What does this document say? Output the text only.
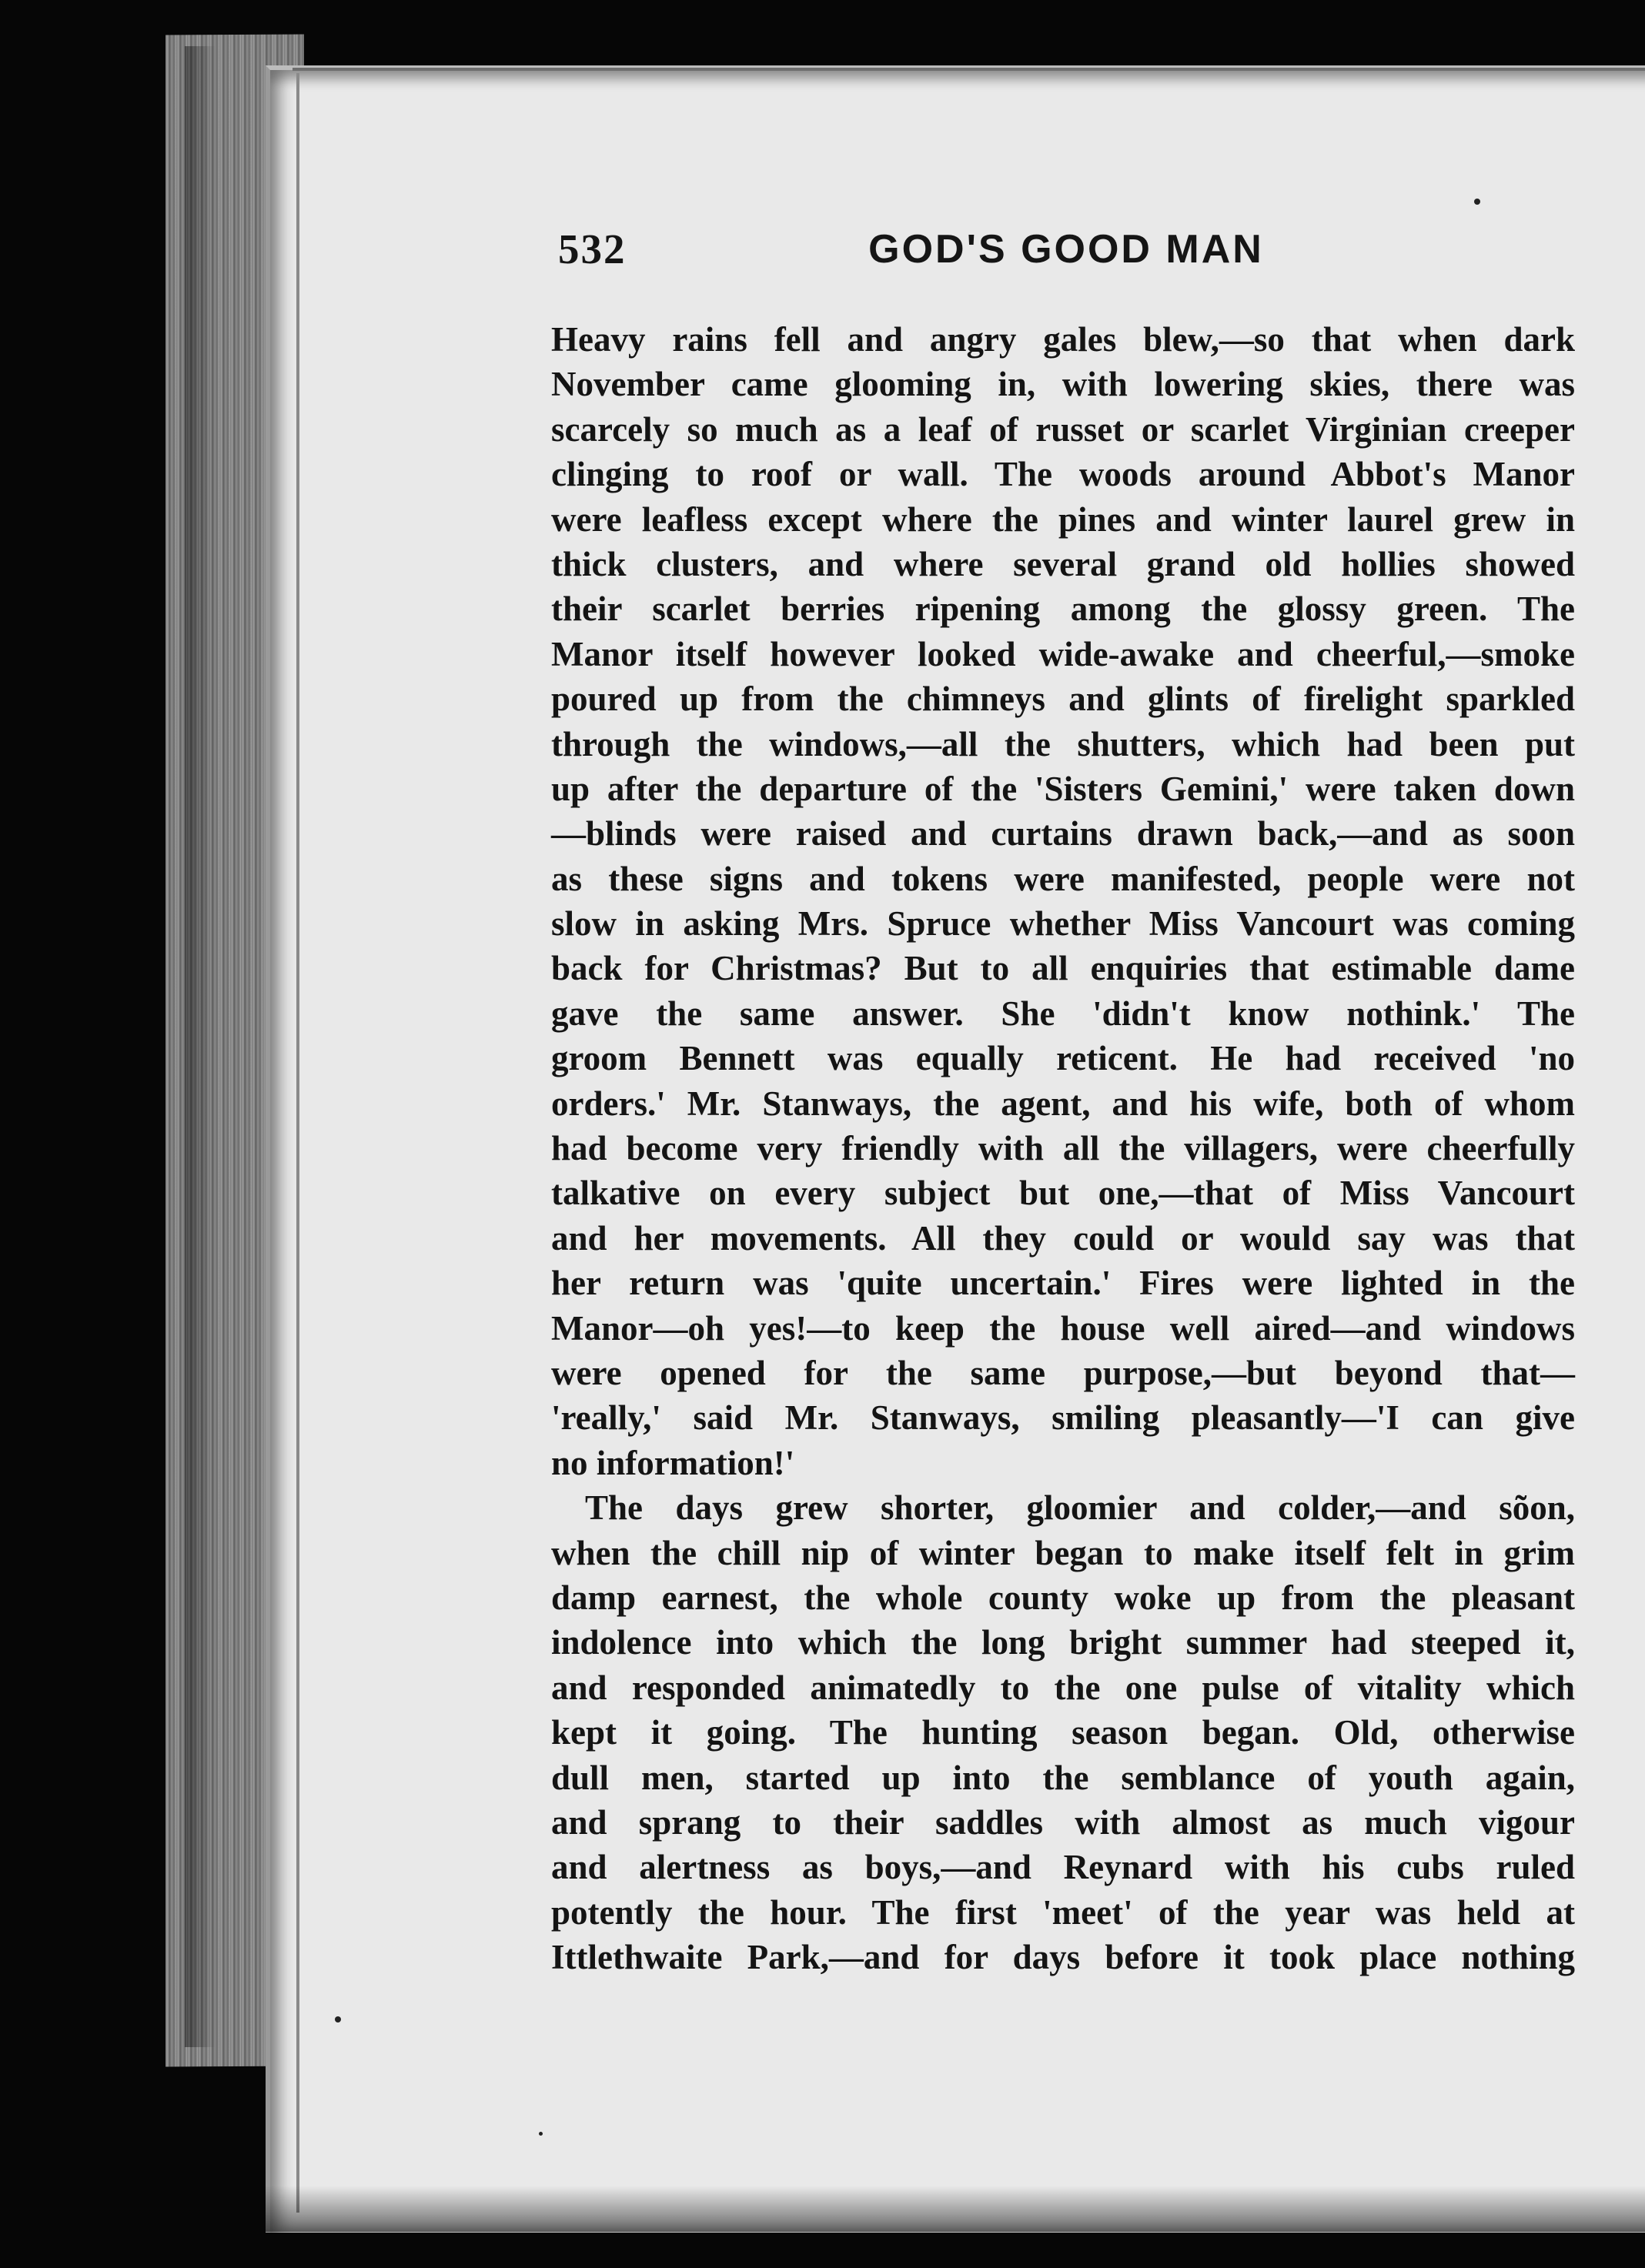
532	GOD'S GOOD MAN
Heavy rains fell and angry gales blew,—so that when dark
November came glooming in, with lowering skies, there was
scarcely so much as a leaf of russet or scarlet Virginian creeper
clinging to roof or wall. The woods around Abbot's Manor
were leafless except where the pines and winter laurel grew in
thick clusters, and where several grand old hollies showed
their scarlet berries ripening among the glossy green. The
Manor itself however looked wide-awake and cheerful,—smoke
poured up from the chimneys and glints of firelight sparkled
through the windows,—all the shutters, which had been put
up after the departure of the 'Sisters Gemini,' were taken down
—blinds were raised and curtains drawn back,—and as soon
as these signs and tokens were manifested, people were not
slow in asking Mrs. Spruce whether Miss Vancourt was coming
back for Christmas? But to all enquiries that estimable dame
gave the same answer. She 'didn't know nothink.' The
groom Bennett was equally reticent. He had received 'no
orders.' Mr. Stanways, the agent, and his wife, both of whom
had become very friendly with all the villagers, were cheerfully
talkative on every subject but one,—that of Miss Vancourt
and her movements. All they could or would say was that
her return was 'quite uncertain.' Fires were lighted in the
Manor—oh yes!—to keep the house well aired—and windows
were opened for the same purpose,—but beyond that—
'really,' said Mr. Stanways, smiling pleasantly—'I can give
no information!'
The days grew shorter, gloomier and colder,—and sõon,
when the chill nip of winter began to make itself felt in grim
damp earnest, the whole county woke up from the pleasant
indolence into which the long bright summer had steeped it,
and responded animatedly to the one pulse of vitality which
kept it going. The hunting season began. Old, otherwise
dull men, started up into the semblance of youth again,
and sprang to their saddles with almost as much vigour
and alertness as boys,—and Reynard with his cubs ruled
potently the hour. The first 'meet' of the year was held at
Ittlethwaite Park,—and for days before it took place nothing
